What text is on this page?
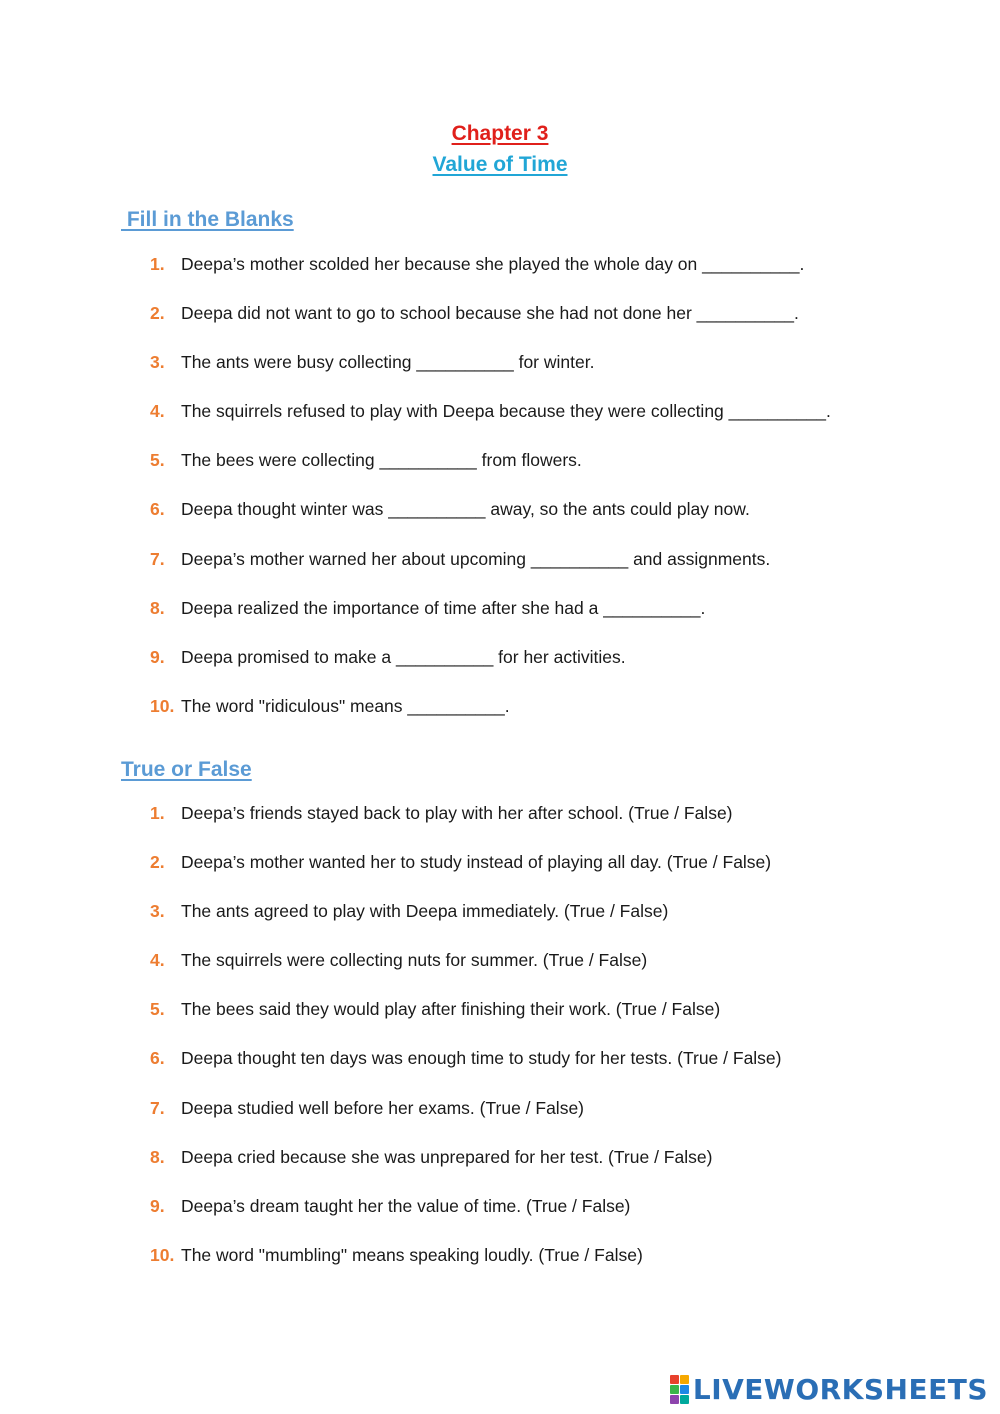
Chapter 3
Value of Time
Fill in the Blanks
1. Deepa’s mother scolded her because she played the whole day on __________.
2. Deepa did not want to go to school because she had not done her __________.
3. The ants were busy collecting __________ for winter.
4. The squirrels refused to play with Deepa because they were collecting __________.
5. The bees were collecting __________ from flowers.
6. Deepa thought winter was __________ away, so the ants could play now.
7. Deepa’s mother warned her about upcoming __________ and assignments.
8. Deepa realized the importance of time after she had a __________.
9. Deepa promised to make a __________ for her activities.
10. The word "ridiculous" means __________.
True or False
1. Deepa’s friends stayed back to play with her after school. (True / False)
2. Deepa’s mother wanted her to study instead of playing all day. (True / False)
3. The ants agreed to play with Deepa immediately. (True / False)
4. The squirrels were collecting nuts for summer. (True / False)
5. The bees said they would play after finishing their work. (True / False)
6. Deepa thought ten days was enough time to study for her tests. (True / False)
7. Deepa studied well before her exams. (True / False)
8. Deepa cried because she was unprepared for her test. (True / False)
9. Deepa’s dream taught her the value of time. (True / False)
10. The word "mumbling" means speaking loudly. (True / False)
LIVEWORKSHEETS
